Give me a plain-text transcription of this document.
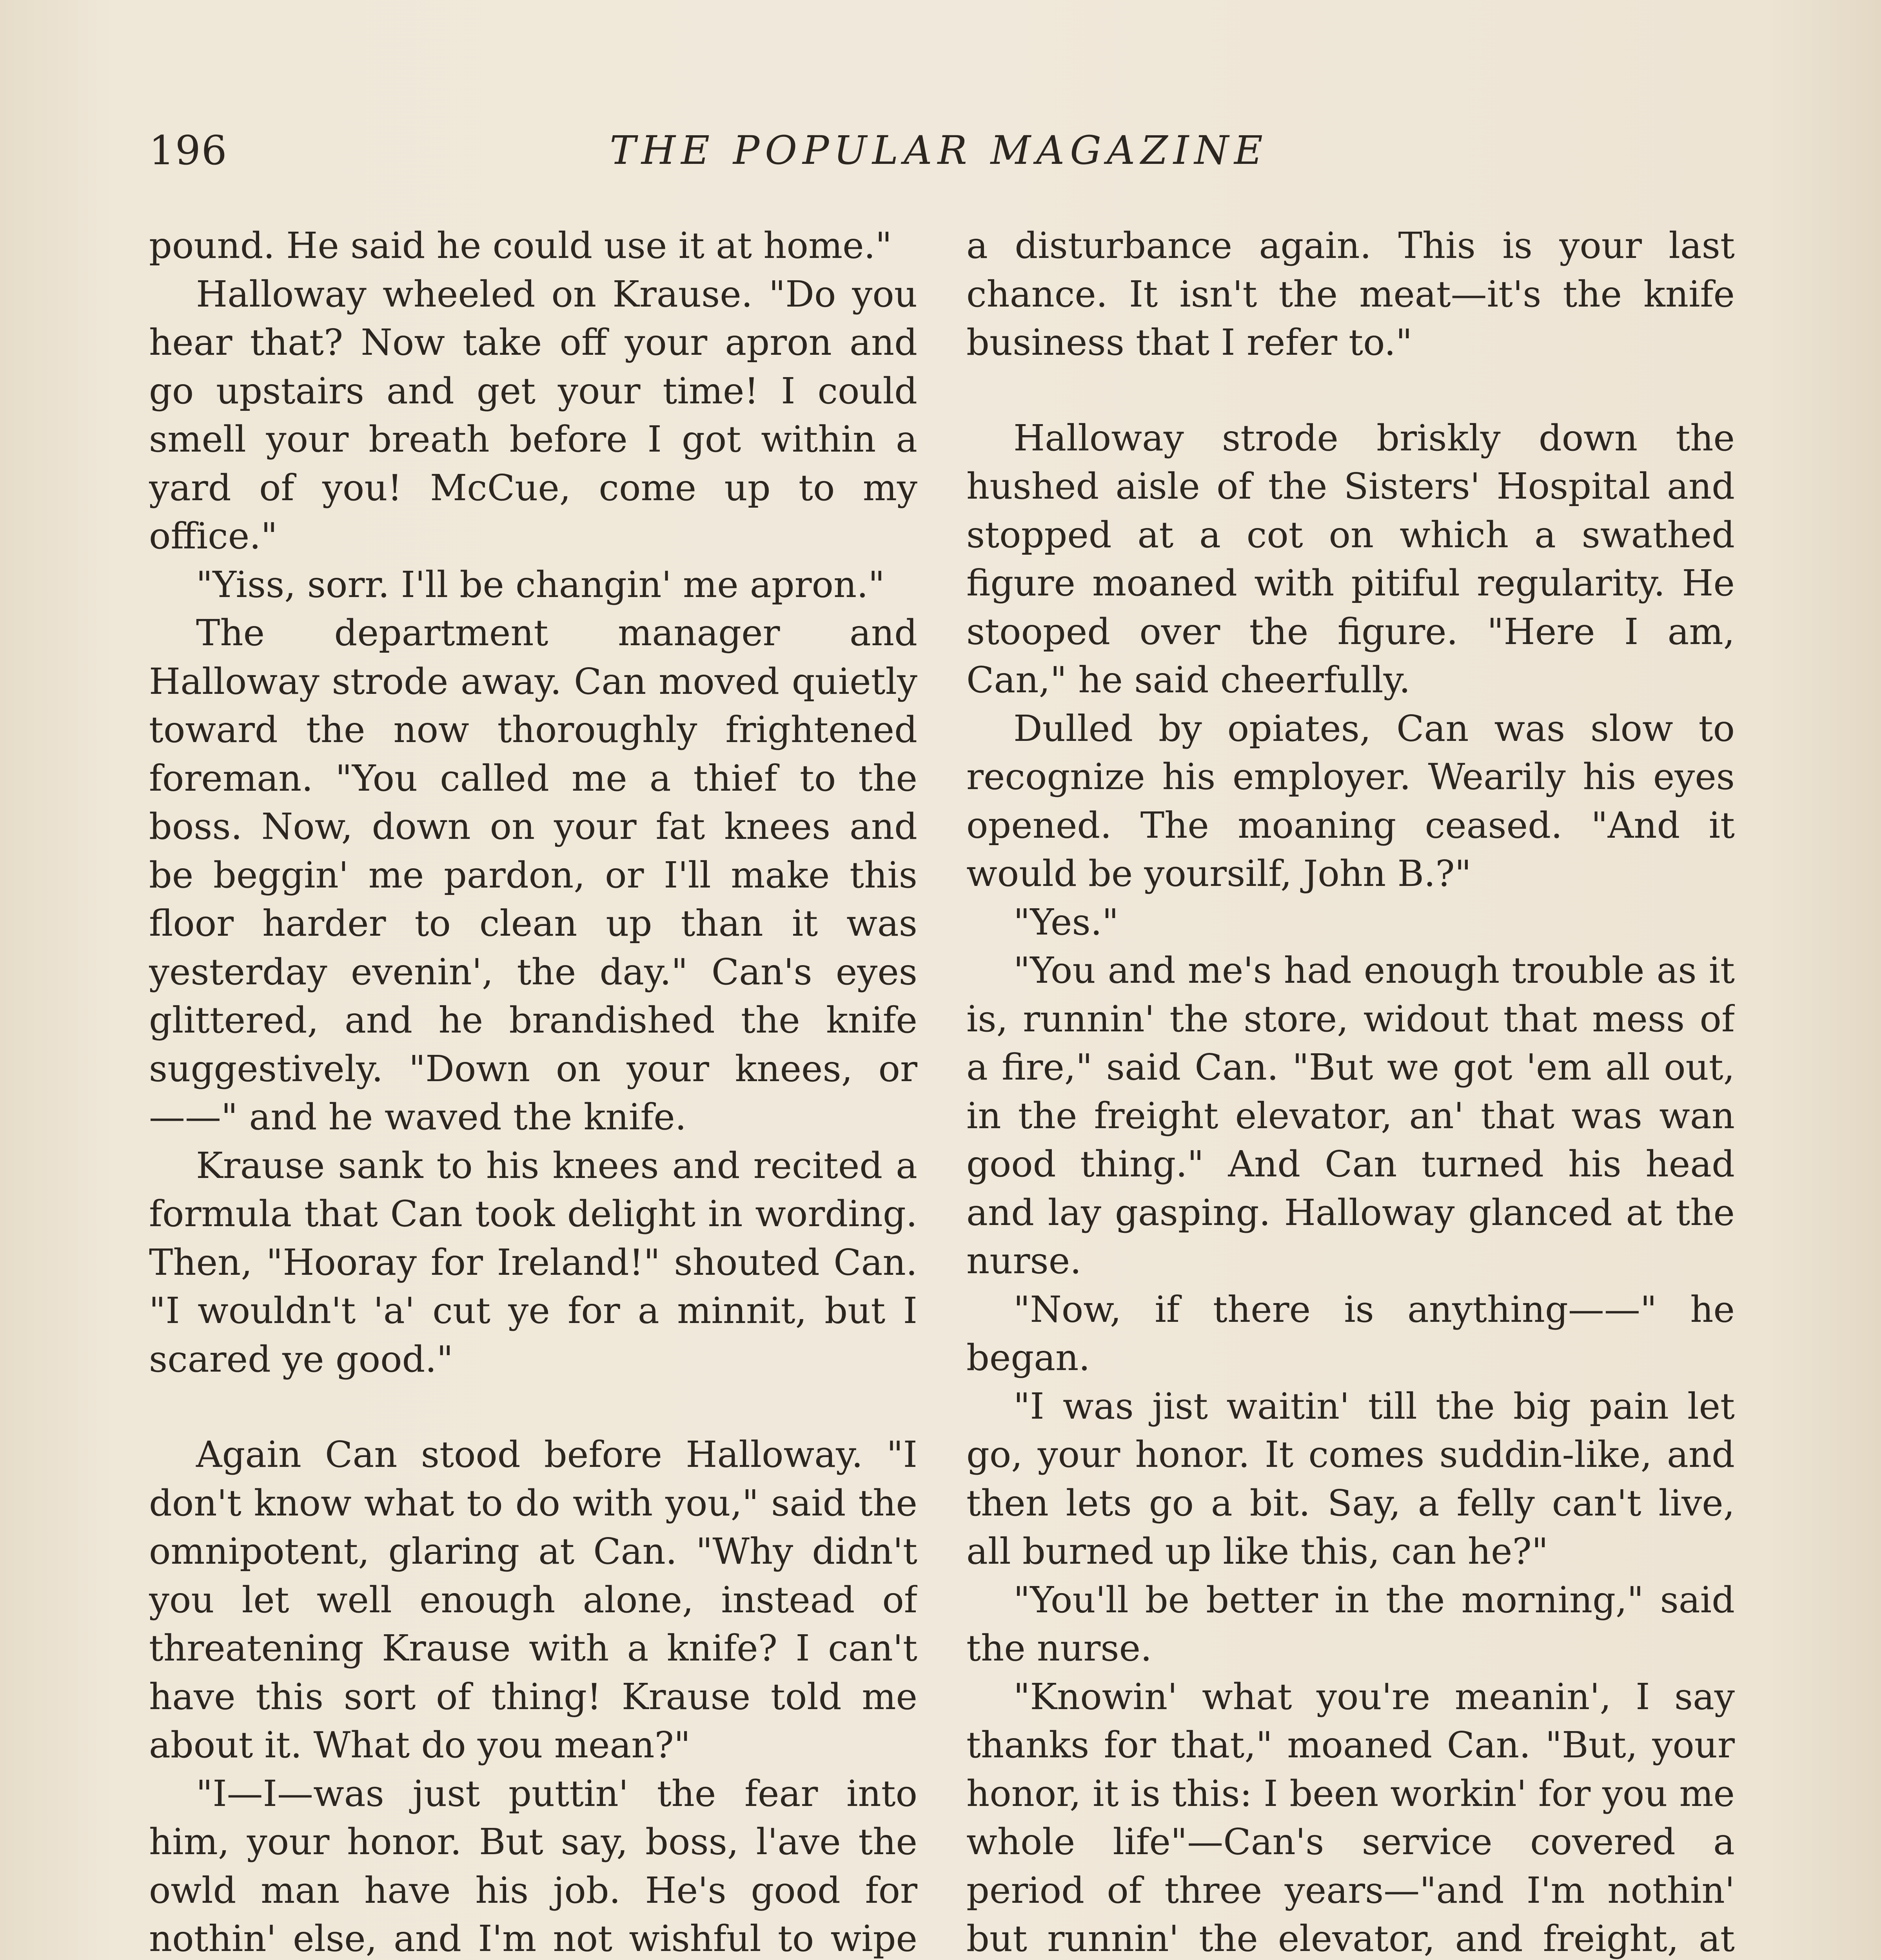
196	THE POPULAR MAGAZINE

pound. He said he could use it at home."

Halloway wheeled on Krause. "Do you hear that? Now take off your apron and go upstairs and get your time! I could smell your breath before I got within a yard of you! McCue, come up to my office."

"Yiss, sorr. I'll be changin' me apron."

The department manager and Halloway strode away. Can moved quietly toward the now thoroughly frightened foreman. "You called me a thief to the boss. Now, down on your fat knees and be beggin' me pardon, or I'll make this floor harder to clean up than it was yesterday evenin', the day." Can's eyes glittered, and he brandished the knife suggestively. "Down on your knees, or——" and he waved the knife.

Krause sank to his knees and recited a formula that Can took delight in wording. Then, "Hooray for Ireland!" shouted Can. "I wouldn't 'a' cut ye for a minnit, but I scared ye good."

Again Can stood before Halloway. "I don't know what to do with you," said the omnipotent, glaring at Can. "Why didn't you let well enough alone, instead of threatening Krause with a knife? I can't have this sort of thing! Krause told me about it. What do you mean?"

"I—I—was just puttin' the fear into him, your honor. But say, boss, l'ave the owld man have his job. He's good for nothin' else, and I'm not wishful to wipe

a disturbance again. This is your last chance. It isn't the meat—it's the knife business that I refer to."

Halloway strode briskly down the hushed aisle of the Sisters' Hospital and stopped at a cot on which a swathed figure moaned with pitiful regularity. He stooped over the figure. "Here I am, Can," he said cheerfully.

Dulled by opiates, Can was slow to recognize his employer. Wearily his eyes opened. The moaning ceased. "And it would be yoursilf, John B.?"

"Yes."

"You and me's had enough trouble as it is, runnin' the store, widout that mess of a fire," said Can. "But we got 'em all out, in the freight elevator, an' that was wan good thing." And Can turned his head and lay gasping. Halloway glanced at the nurse.

"Now, if there is anything——" he began.

"I was jist waitin' till the big pain let go, your honor. It comes suddin-like, and then lets go a bit. Say, a felly can't live, all burned up like this, can he?"

"You'll be better in the morning," said the nurse.

"Knowin' what you're meanin', I say thanks for that," moaned Can. "But, your honor, it is this: I been workin' for you me whole life"—Can's service covered a period of three years—"and I'm nothin' but runnin' the elevator, and freight, at
